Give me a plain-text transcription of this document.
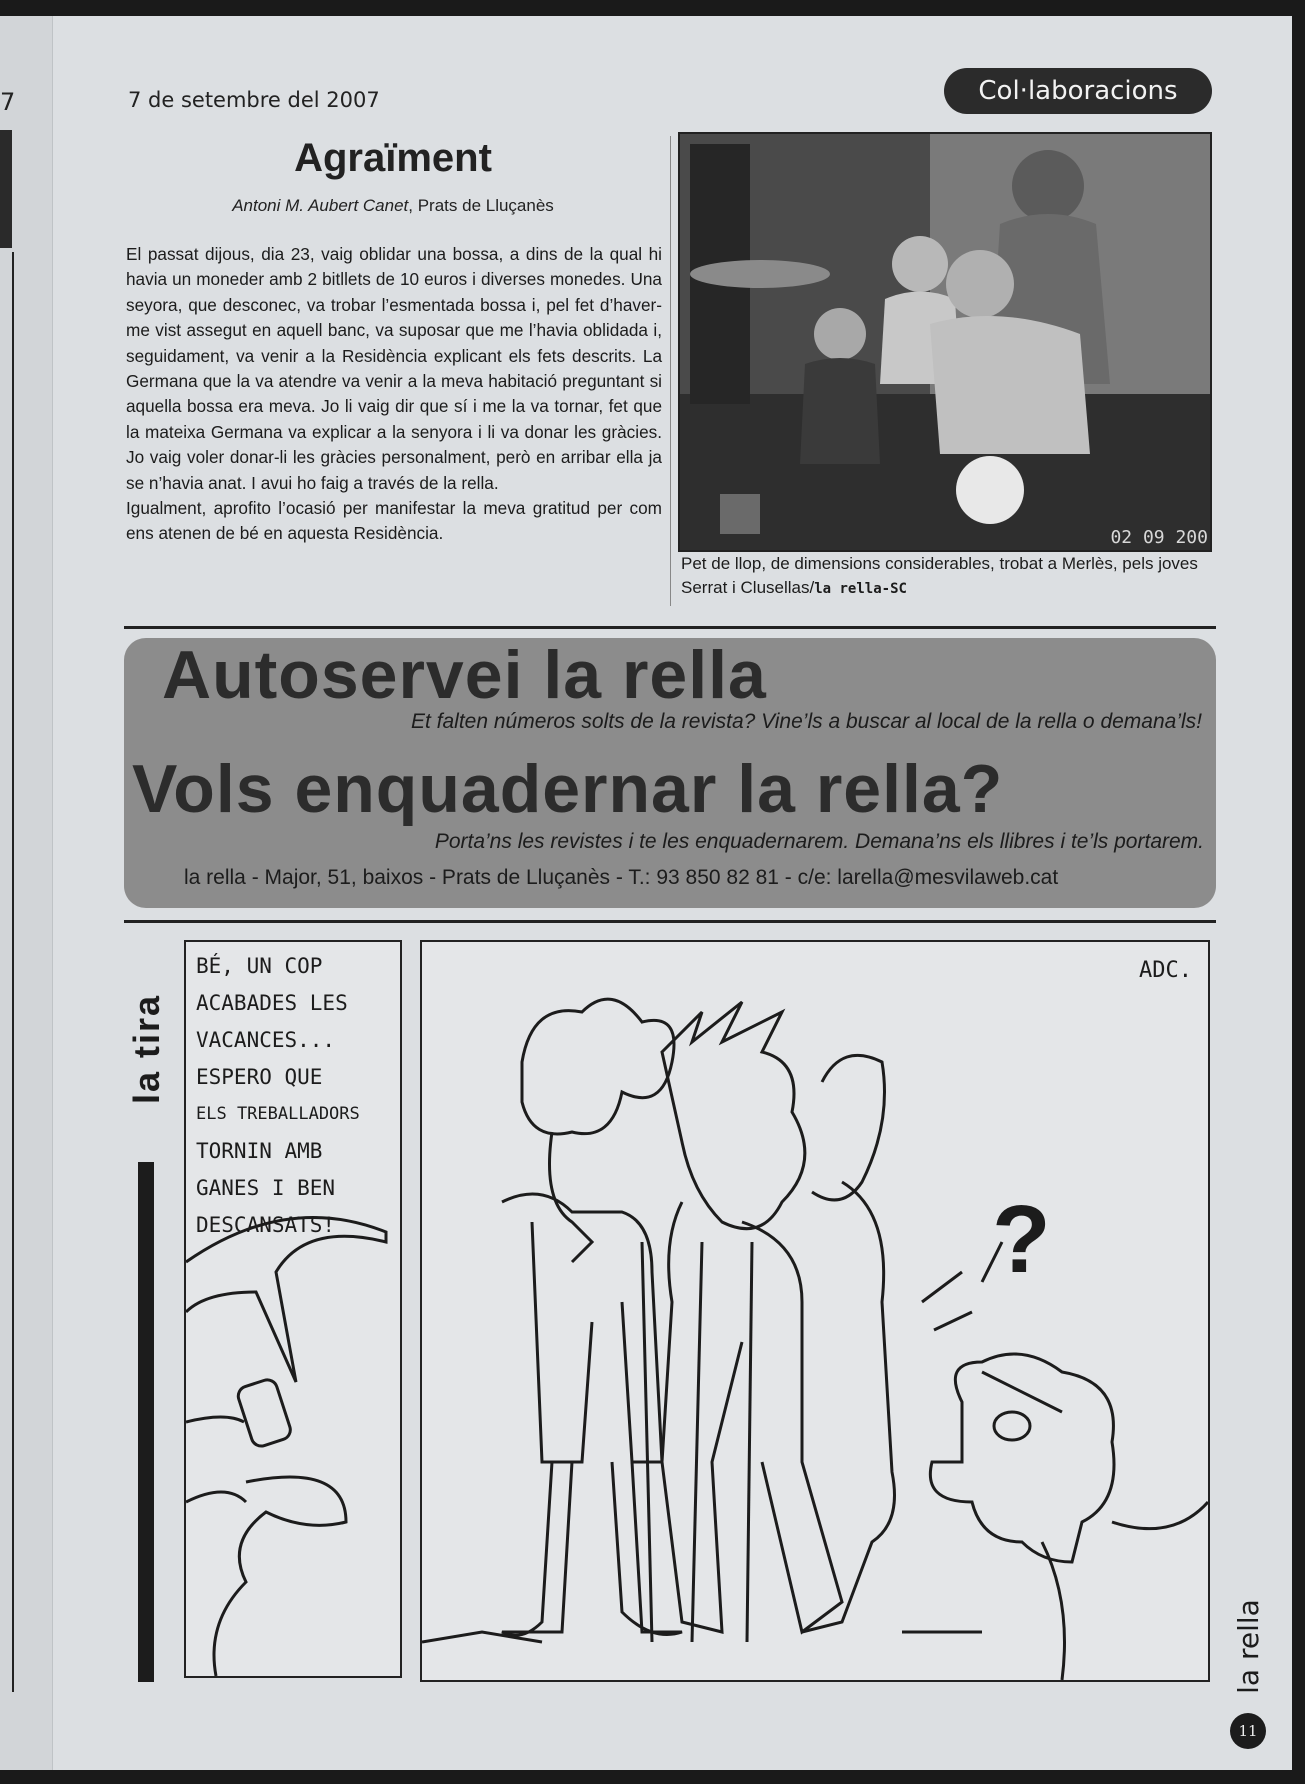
7	7 de setembre del 2007	Col·laboracions
Agraïment
Antoni M. Aubert Canet, Prats de Lluçanès

El passat dijous, dia 23, vaig oblidar una bossa, a dins de la qual hi havia un moneder amb 2 bitllets de 10 euros i diverses monedes. Una seyora, que desconec, va trobar l’esmentada bossa i, pel fet d’haver-me vist assegut en aquell banc, va suposar que me l’havia oblidada i, seguidament, va venir a la Residència explicant els fets descrits. La Germana que la va atendre va venir a la meva habitació preguntant si aquella bossa era meva. Jo li vaig dir que sí i me la va tornar, fet que la mateixa Germana va explicar a la senyora i li va donar les gràcies. Jo vaig voler donar-li les gràcies personalment, però en arribar ella ja se n’havia anat. I avui ho faig a través de la rella.

Igualment, aprofito l’ocasió per manifestar la meva gratitud per com ens atenen de bé en aquesta Residència.	02 09 200
Pet de llop, de dimensions considerables, trobat a Merlès, pels joves Serrat i Clusellas/la rella-SC
Autoservei la rella
Et falten números solts de la revista? Vine’ls a buscar al local de la rella o demana’ls!
Vols enquadernar la rella?
Porta’ns les revistes i te les enquadernarem. Demana’ns els llibres i te’ls portarem.
la rella - Major, 51, baixos - Prats de Lluçanès - T.: 93 850 82 81 - c/e: larella@mesvilaweb.cat
la tira
BÉ, UN COP
ACABADES LES
VACANCES...
ESPERO QUE
ELS TREBALLADORS
TORNIN AMB
GANES I BEN
DESCANSATS!
ADC.
?
la rella
11
